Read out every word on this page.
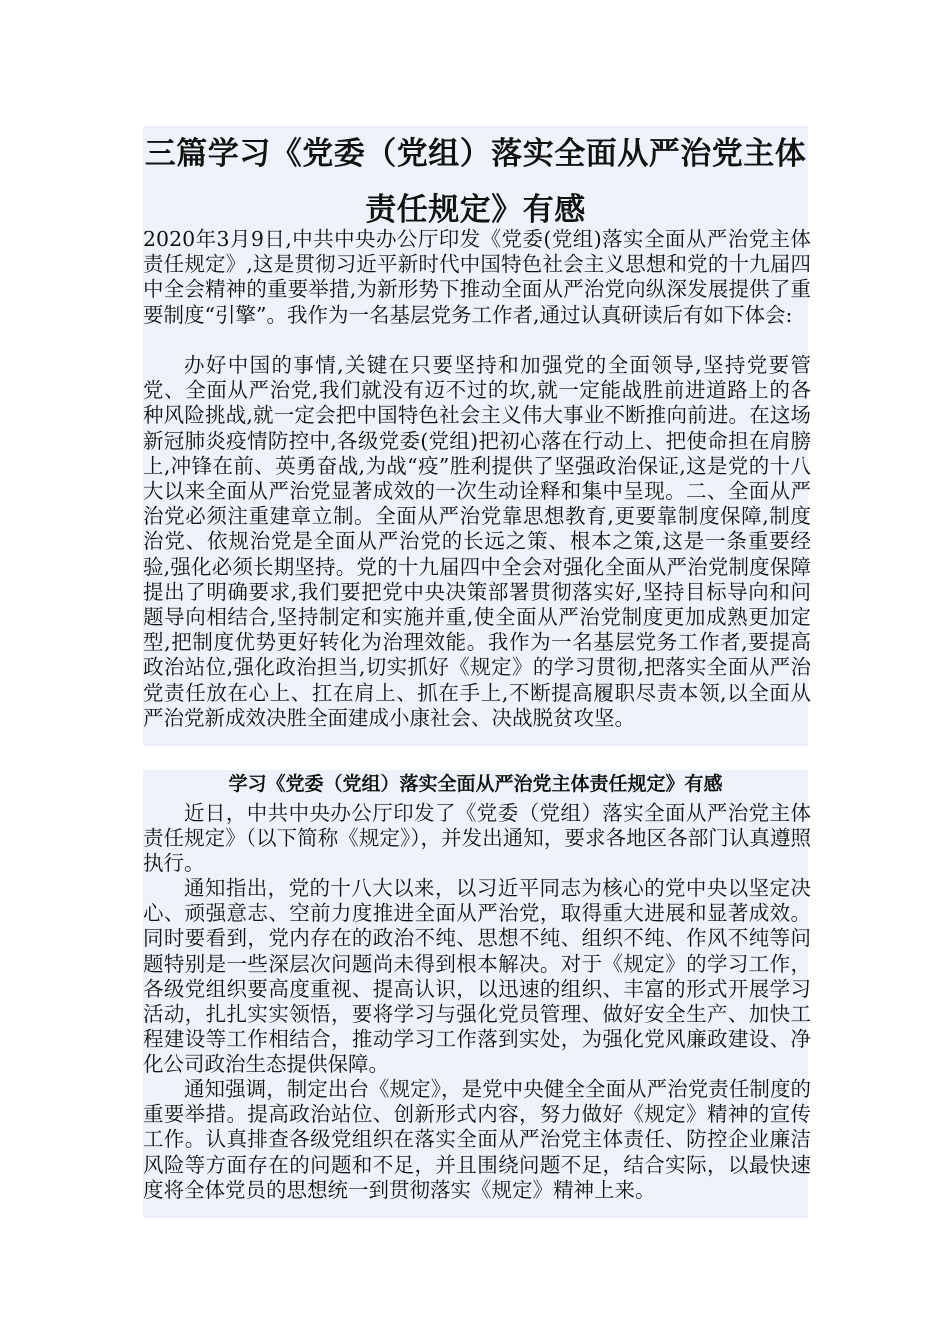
三篇学习《党委（党组）落实全面从严治党主体责任规定》有感

2020年3月9日,中共中央办公厅印发《党委(党组)落实全面从严治党主体责任规定》,这是贯彻习近平新时代中国特色社会主义思想和党的十九届四中全会精神的重要举措,为新形势下推动全面从严治党向纵深发展提供了重要制度“引擎”。我作为一名基层党务工作者,通过认真研读后有如下体会:

办好中国的事情,关键在只要坚持和加强党的全面领导,坚持党要管党、全面从严治党,我们就没有迈不过的坎,就一定能战胜前进道路上的各种风险挑战,就一定会把中国特色社会主义伟大事业不断推向前进。在这场新冠肺炎疫情防控中,各级党委(党组)把初心落在行动上、把使命担在肩膀上,冲锋在前、英勇奋战,为战“疫”胜利提供了坚强政治保证,这是党的十八大以来全面从严治党显著成效的一次生动诠释和集中呈现。二、全面从严治党必须注重建章立制。全面从严治党靠思想教育,更要靠制度保障,制度治党、依规治党是全面从严治党的长远之策、根本之策,这是一条重要经验,强化必须长期坚持。党的十九届四中全会对强化全面从严治党制度保障提出了明确要求,我们要把党中央决策部署贯彻落实好,坚持目标导向和问题导向相结合,坚持制定和实施并重,使全面从严治党制度更加成熟更加定型,把制度优势更好转化为治理效能。我作为一名基层党务工作者,要提高政治站位,强化政治担当,切实抓好《规定》的学习贯彻,把落实全面从严治党责任放在心上、扛在肩上、抓在手上,不断提高履职尽责本领,以全面从严治党新成效决胜全面建成小康社会、决战脱贫攻坚。

学习《党委（党组）落实全面从严治党主体责任规定》有感

近日，中共中央办公厅印发了《党委（党组）落实全面从严治党主体责任规定》（以下简称《规定》），并发出通知，要求各地区各部门认真遵照执行。

通知指出，党的十八大以来，以习近平同志为核心的党中央以坚定决心、顽强意志、空前力度推进全面从严治党，取得重大进展和显著成效。同时要看到，党内存在的政治不纯、思想不纯、组织不纯、作风不纯等问题特别是一些深层次问题尚未得到根本解决。对于《规定》的学习工作，各级党组织要高度重视、提高认识，以迅速的组织、丰富的形式开展学习活动，扎扎实实领悟，要将学习与强化党员管理、做好安全生产、加快工程建设等工作相结合，推动学习工作落到实处，为强化党风廉政建设、净化公司政治生态提供保障。

通知强调，制定出台《规定》，是党中央健全全面从严治党责任制度的重要举措。提高政治站位、创新形式内容，努力做好《规定》精神的宣传工作。认真排查各级党组织在落实全面从严治党主体责任、防控企业廉洁风险等方面存在的问题和不足，并且围绕问题不足，结合实际，以最快速度将全体党员的思想统一到贯彻落实《规定》精神上来。
